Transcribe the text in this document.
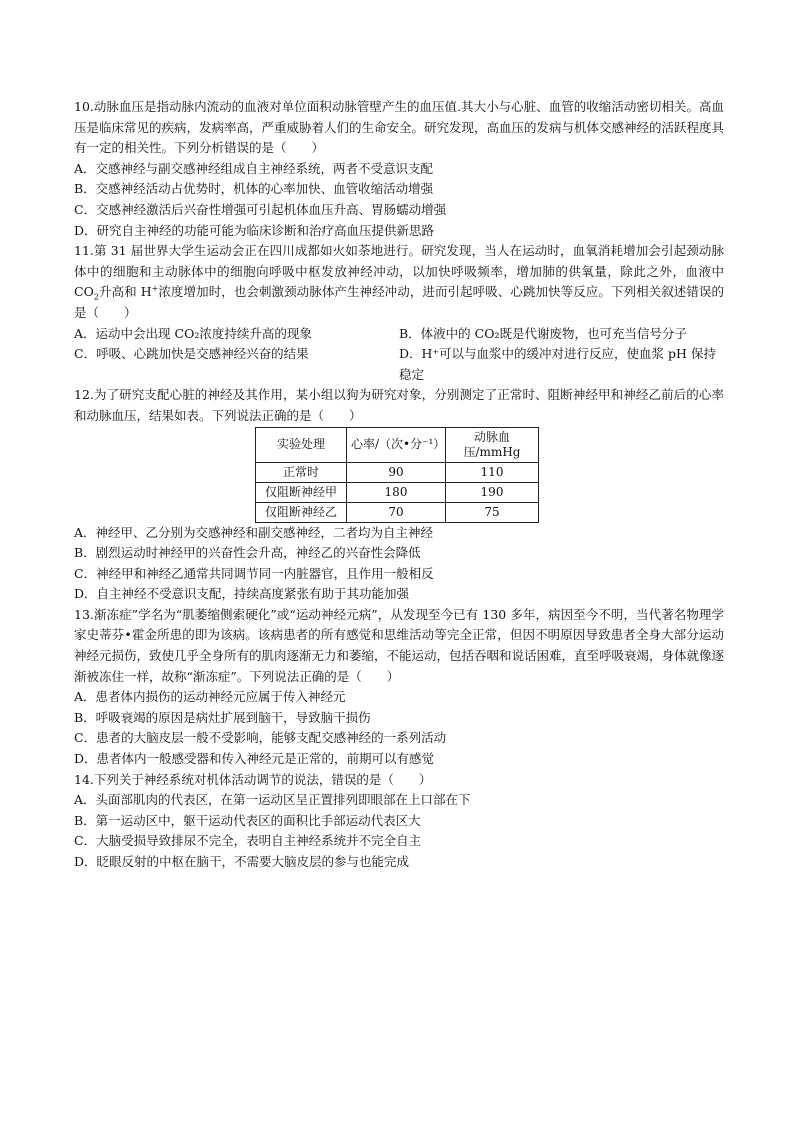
10.动脉血压是指动脉内流动的血液对单位面积动脉管壁产生的血压值.其大小与心脏、血管的收缩活动密切相关。高血压是临床常见的疾病，发病率高，严重威胁着人们的生命安全。研究发现，高血压的发病与机体交感神经的活跃程度具有一定的相关性。下列分析错误的是（　　）

A．交感神经与副交感神经组成自主神经系统，两者不受意识支配

B．交感神经活动占优势时，机体的心率加快、血管收缩活动增强

C．交感神经激活后兴奋性增强可引起机体血压升高、胃肠蠕动增强

D．研究自主神经的功能可能为临床诊断和治疗高血压提供新思路

11.第 31 届世界大学生运动会正在四川成都如火如荼地进行。研究发现，当人在运动时，血氧消耗增加会引起颈动脉体中的细胞和主动脉体中的细胞向呼吸中枢发放神经冲动，以加快呼吸频率，增加肺的供氧量，除此之外，血液中 $CO_2$升高和 H+浓度增加时，也会刺激颈动脉体产生神经冲动，进而引起呼吸、心跳加快等反应。下列相关叙述错误的是（　　）

A．运动中会出现 CO₂浓度持续升高的现象	B．体液中的 CO₂既是代谢废物，也可充当信号分子

C．呼吸、心跳加快是交感神经兴奋的结果	D．H⁺可以与血浆中的缓冲对进行反应，使血浆 pH 保持稳定

12.为了研究支配心脏的神经及其作用，某小组以狗为研究对象，分别测定了正常时、阻断神经甲和神经乙前后的心率和动脉血压，结果如表。下列说法正确的是（　　）

实验处理	心率/（次•分⁻¹）	动脉血压/mmHg
正常时	90	110
仅阻断神经甲	180	190
仅阻断神经乙	70	75

A．神经甲、乙分别为交感神经和副交感神经，二者均为自主神经

B．剧烈运动时神经甲的兴奋性会升高，神经乙的兴奋性会降低

C．神经甲和神经乙通常共同调节同一内脏器官，且作用一般相反

D．自主神经不受意识支配，持续高度紧张有助于其功能加强

13.渐冻症”学名为“肌萎缩侧索硬化”或“运动神经元病”，从发现至今已有 130 多年，病因至今不明，当代著名物理学家史蒂芬•霍金所患的即为该病。该病患者的所有感觉和思维活动等完全正常，但因不明原因导致患者全身大部分运动神经元损伤，致使几乎全身所有的肌肉逐渐无力和萎缩，不能运动，包括吞咽和说话困难，直至呼吸衰竭，身体就像逐渐被冻住一样，故称“渐冻症”。下列说法正确的是（　　）

A．患者体内损伤的运动神经元应属于传入神经元

B．呼吸衰竭的原因是病灶扩展到脑干，导致脑干损伤

C．患者的大脑皮层一般不受影响，能够支配交感神经的一系列活动

D．患者体内一般感受器和传入神经元是正常的，前期可以有感觉

14.下列关于神经系统对机体活动调节的说法，错误的是（　　）

A．头面部肌肉的代表区，在第一运动区呈正置排列即眼部在上口部在下

B．第一运动区中，躯干运动代表区的面积比手部运动代表区大

C．大脑受损导致排尿不完全，表明自主神经系统并不完全自主

D．眨眼反射的中枢在脑干，不需要大脑皮层的参与也能完成
